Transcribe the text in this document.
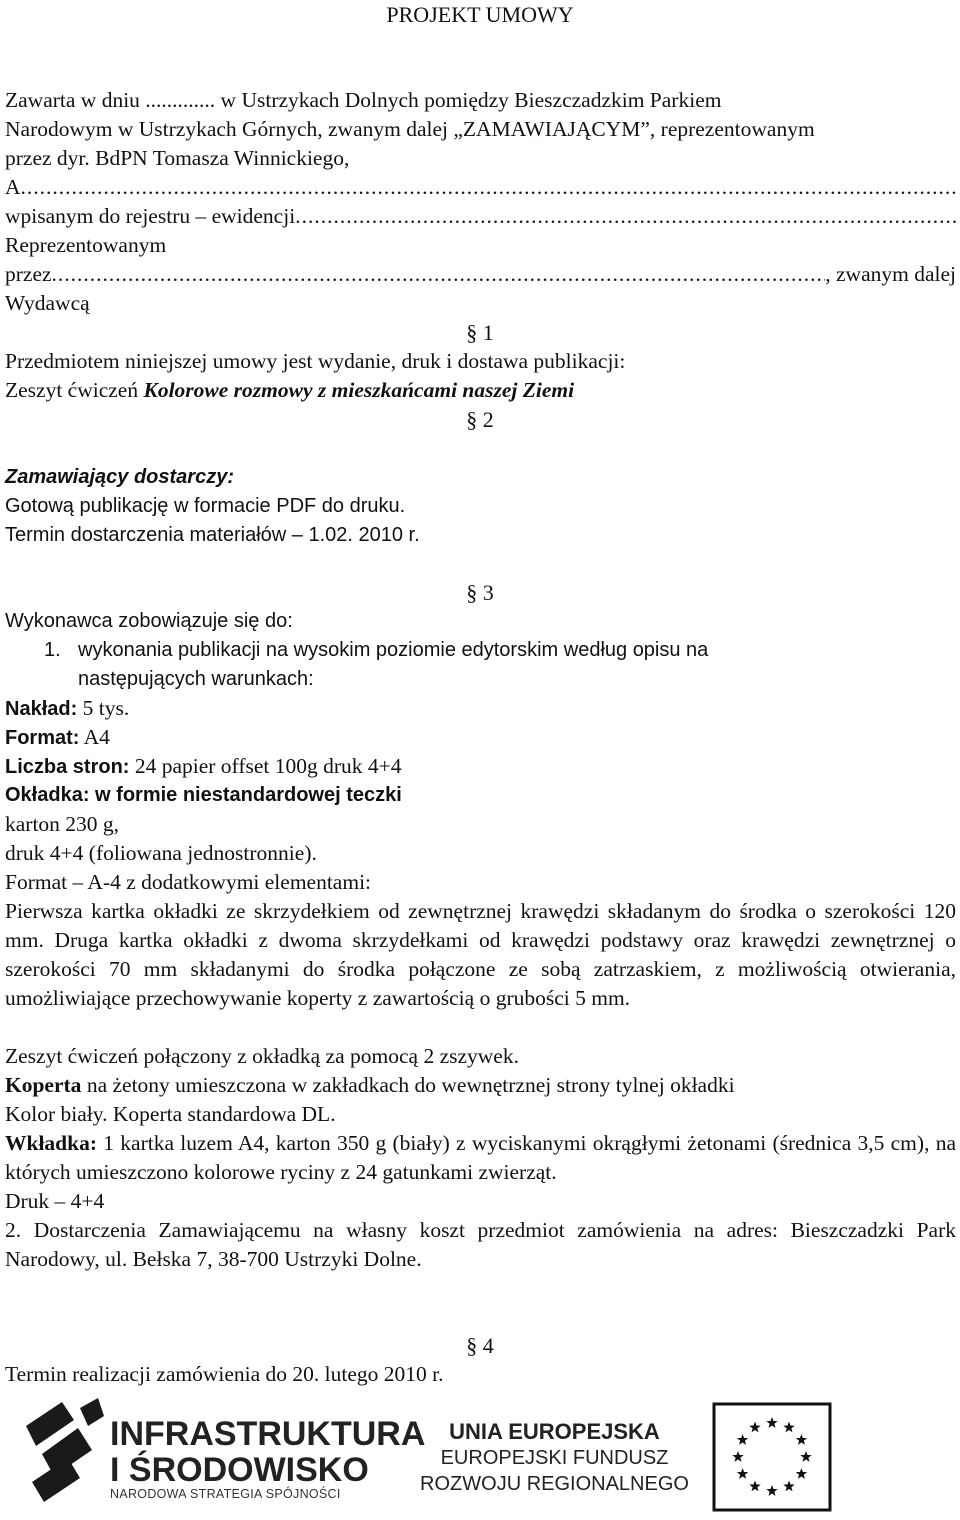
PROJEKT UMOWY
Zawarta w dniu ............. w Ustrzykach Dolnych pomiędzy Bieszczadzkim Parkiem
Narodowym w Ustrzykach Górnych, zwanym dalej „ZAMAWIAJĄCYM”, reprezentowanym
przez dyr. BdPN Tomasza Winnickiego,
A
.....
wpisanym do rejestru – ewidencji
.....
Reprezentowanym
przez
.....	, zwanym dalej
Wydawcą
§ 1
Przedmiotem niniejszej umowy jest wydanie, druk i dostawa publikacji:
Zeszyt ćwiczeń Kolorowe rozmowy z mieszkańcami naszej Ziemi
§ 2
Zamawiający dostarczy:
Gotową publikację w formacie PDF do druku.
Termin dostarczenia materiałów – 1.02. 2010 r.
§ 3
Wykonawca zobowiązuje się do:
1. wykonania publikacji na wysokim poziomie edytorskim według opisu na
następujących warunkach:
Nakład: 5 tys.
Format: A4
Liczba stron: 24 papier offset 100g druk 4+4
Okładka: w formie niestandardowej teczki
karton 230 g,
druk 4+4 (foliowana jednostronnie).
Format – A-4 z dodatkowymi elementami:
Pierwsza kartka okładki ze skrzydełkiem od zewnętrznej krawędzi składanym do środka o szerokości 120 mm. Druga kartka okładki z dwoma skrzydełkami od krawędzi podstawy oraz krawędzi zewnętrznej o szerokości 70 mm składanymi do środka połączone ze sobą zatrzaskiem, z możliwością otwierania, umożliwiające przechowywanie koperty z zawartością o grubości 5 mm.
Zeszyt ćwiczeń połączony z okładką za pomocą 2 zszywek.
Koperta na żetony umieszczona w zakładkach do wewnętrznej strony tylnej okładki
Kolor biały. Koperta standardowa DL.
Wkładka: 1 kartka luzem A4, karton 350 g (biały) z wyciskanymi okrągłymi żetonami (średnica 3,5 cm), na których umieszczono kolorowe ryciny z 24 gatunkami zwierząt.
Druk – 4+4
2. Dostarczenia Zamawiającemu na własny koszt przedmiot zamówienia na adres: Bieszczadzki Park Narodowy, ul. Bełska 7, 38-700 Ustrzyki Dolne.
§ 4
Termin realizacji zamówienia do 20. lutego 2010 r.
INFRASTRUKTURA
I ŚRODOWISKO
NARODOWA STRATEGIA SPÓJNOŚCI
UNIA EUROPEJSKA
EUROPEJSKI FUNDUSZ
ROZWOJU REGIONALNEGO
